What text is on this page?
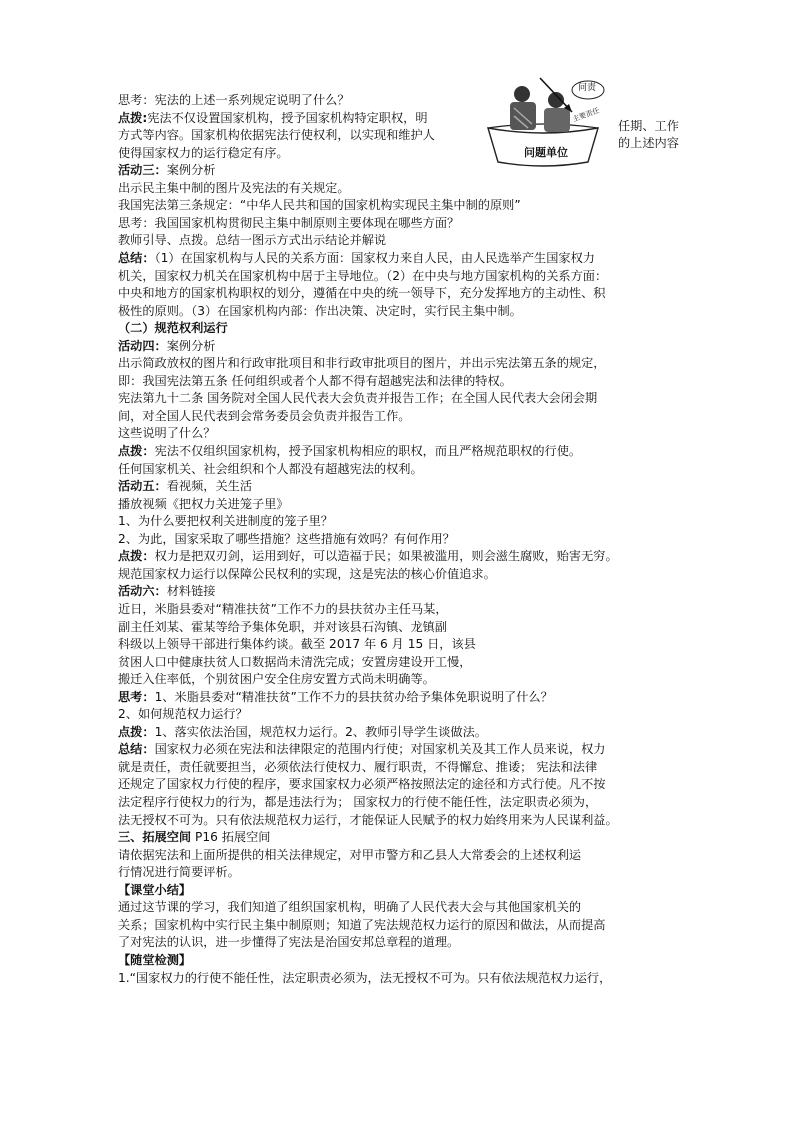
思考：宪法的上述一系列规定说明了什么？
点拨:宪法不仅设置国家机构，授予国家机构特定职权，明
方式等内容。国家机构依据宪法行使权利，以实现和维护人
使得国家权力的运行稳定有序。
活动三：案例分析
出示民主集中制的图片及宪法的有关规定。
我国宪法第三条规定：“中华人民共和国的国家机构实现民主集中制的原则”
思考：我国国家机构贯彻民主集中制原则主要体现在哪些方面？
教师引导、点拨。总结一图示方式出示结论并解说
总结：（1）在国家机构与人民的关系方面：国家权力来自人民，由人民选举产生国家权力
机关，国家权力机关在国家机构中居于主导地位。（2）在中央与地方国家机构的关系方面：
中央和地方的国家机构职权的划分，遵循在中央的统一领导下，充分发挥地方的主动性、积
极性的原则。（3）在国家机构内部：作出决策、决定时，实行民主集中制。
（二）规范权利运行
活动四：案例分析
出示简政放权的图片和行政审批项目和非行政审批项目的图片，并出示宪法第五条的规定，
即：我国宪法第五条 任何组织或者个人都不得有超越宪法和法律的特权。
宪法第九十二条 国务院对全国人民代表大会负责并报告工作；在全国人民代表大会闭会期
间，对全国人民代表到会常务委员会负责并报告工作。
这些说明了什么？
点拨：宪法不仅组织国家机构，授予国家机构相应的职权，而且严格规范职权的行使。
任何国家机关、社会组织和个人都没有超越宪法的权利。
活动五：看视频，关生活
播放视频《把权力关进笼子里》
1、为什么要把权利关进制度的笼子里？
2、为此，国家采取了哪些措施？这些措施有效吗？有何作用？
点拨：权力是把双刃剑，运用到好，可以造福于民；如果被滥用，则会滋生腐败，贻害无穷。
规范国家权力运行以保障公民权利的实现，这是宪法的核心价值追求。
活动六：材料链接
近日，米脂县委对“精准扶贫”工作不力的县扶贫办主任马某，
副主任刘某、霍某等给予集体免职，并对该县石沟镇、龙镇副
科级以上领导干部进行集体约谈。截至 2017 年 6 月 15 日，该县
贫困人口中健康扶贫人口数据尚未清洗完成；安置房建设开工慢，
搬迁入住率低，个别贫困户安全住房安置方式尚未明确等。
思考：1、米脂县委对“精准扶贫”工作不力的县扶贫办给予集体免职说明了什么？
2、如何规范权力运行？
点拨：1、落实依法治国，规范权力运行。2、教师引导学生谈做法。
总结：国家权力必须在宪法和法律限定的范围内行使；对国家机关及其工作人员来说，权力
就是责任，责任就要担当，必须依法行使权力、履行职责，不得懈怠、推诿； 宪法和法律
还规定了国家权力行使的程序，要求国家权力必须严格按照法定的途径和方式行使。凡不按
法定程序行使权力的行为，都是违法行为； 国家权力的行使不能任性，法定职责必须为，
法无授权不可为。只有依法规范权力运行，才能保证人民赋予的权力始终用来为人民谋利益。
三、拓展空间 P16 拓展空间
请依据宪法和上面所提供的相关法律规定，对甲市警方和乙县人大常委会的上述权利运
行情况进行简要评析。
【课堂小结】
通过这节课的学习，我们知道了组织国家机构，明确了人民代表大会与其他国家机关的
关系；国家机构中实行民主集中制原则；知道了宪法规范权力运行的原因和做法，从而提高
了对宪法的认识，进一步懂得了宪法是治国安邦总章程的道理。
【随堂检测】
1.“国家权力的行使不能任性，法定职责必须为，法无授权不可为。只有依法规范权力运行，
任期、工作
的上述内容
问责
主要责任
问题单位
